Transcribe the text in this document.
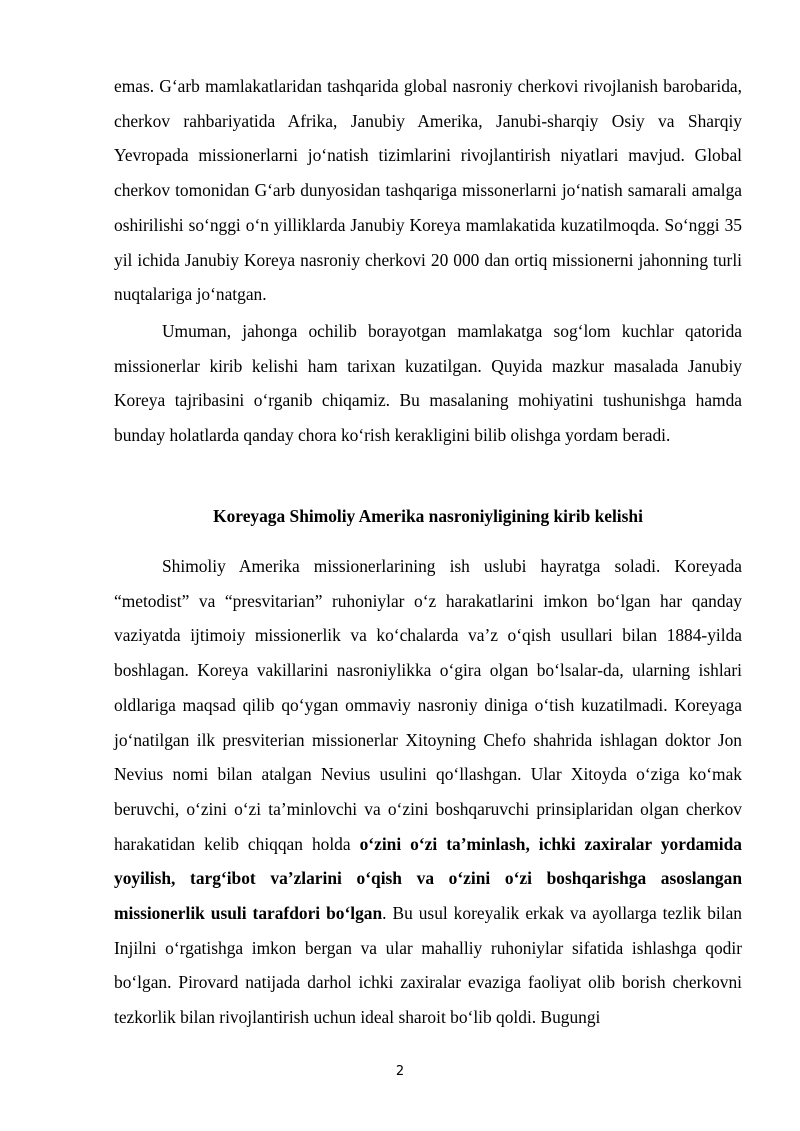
emas. G‘arb mamlakatlaridan tashqarida global nasroniy cherkovi rivojlanish barobarida, cherkov rahbariyatida Afrika, Janubiy Amerika, Janubi-sharqiy Osiy va Sharqiy Yevropada missionerlarni jo‘natish tizimlarini rivojlantirish niyatlari mavjud. Global cherkov tomonidan G‘arb dunyosidan tashqariga missonerlarni jo‘natish samarali amalga oshirilishi so‘nggi o‘n yilliklarda Janubiy Koreya mamlakatida kuzatilmoqda. So‘nggi 35 yil ichida Janubiy Koreya nasroniy cherkovi 20 000 dan ortiq missionerni jahonning turli nuqtalariga jo‘natgan.

Umuman, jahonga ochilib borayotgan mamlakatga sog‘lom kuchlar qatorida missionerlar kirib kelishi ham tarixan kuzatilgan. Quyida mazkur masalada Janubiy Koreya tajribasini o‘rganib chiqamiz. Bu masalaning mohiyatini tushunishga hamda bunday holatlarda qanday chora ko‘rish kerakligini bilib olishga yordam beradi.

Koreyaga Shimoliy Amerika nasroniyligining kirib kelishi

Shimoliy Amerika missionerlarining ish uslubi hayratga soladi. Koreyada “metodist” va “presvitarian” ruhoniylar o‘z harakatlarini imkon bo‘lgan har qanday vaziyatda ijtimoiy missionerlik va ko‘chalarda va’z o‘qish usullari bilan 1884-yilda boshlagan. Koreya vakillarini nasroniylikka o‘gira olgan bo‘lsalar-da, ularning ishlari oldlariga maqsad qilib qo‘ygan ommaviy nasroniy diniga o‘tish kuzatilmadi. Koreyaga jo‘natilgan ilk presviterian missionerlar Xitoyning Chefo shahrida ishlagan doktor Jon Nevius nomi bilan atalgan Nevius usulini qo‘llashgan. Ular Xitoyda o‘ziga ko‘mak beruvchi, o‘zini o‘zi ta’minlovchi va o‘zini boshqaruvchi prinsiplaridan olgan cherkov harakatidan kelib chiqqan holda o‘zini o‘zi ta’minlash, ichki zaxiralar yordamida yoyilish, targ‘ibot va’zlarini o‘qish va o‘zini o‘zi boshqarishga asoslangan missionerlik usuli tarafdori bo‘lgan. Bu usul koreyalik erkak va ayollarga tezlik bilan Injilni o‘rgatishga imkon bergan va ular mahalliy ruhoniylar sifatida ishlashga qodir bo‘lgan. Pirovard natijada darhol ichki zaxiralar evaziga faoliyat olib borish cherkovni tezkorlik bilan rivojlantirish uchun ideal sharoit bo‘lib qoldi. Bugungi

2
